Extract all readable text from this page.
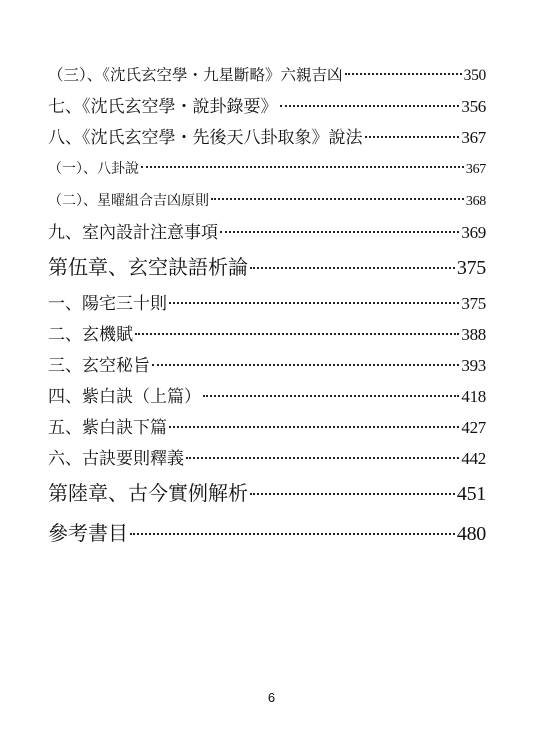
（三）、《沈氏玄空學・九星斷略》六親吉凶	350
七、《沈氏玄空學・說卦錄要》	356
八、《沈氏玄空學・先後天八卦取象》說法	367
（一）、八卦說	367
（二）、星曜組合吉凶原則	368
九、室內設計注意事項	369
第伍章、玄空訣語析論	375
一、陽宅三十則	375
二、玄機賦	388
三、玄空秘旨	393
四、紫白訣（上篇）	418
五、紫白訣下篇	427
六、古訣要則釋義	442
第陸章、古今實例解析	451
參考書目	480
6
